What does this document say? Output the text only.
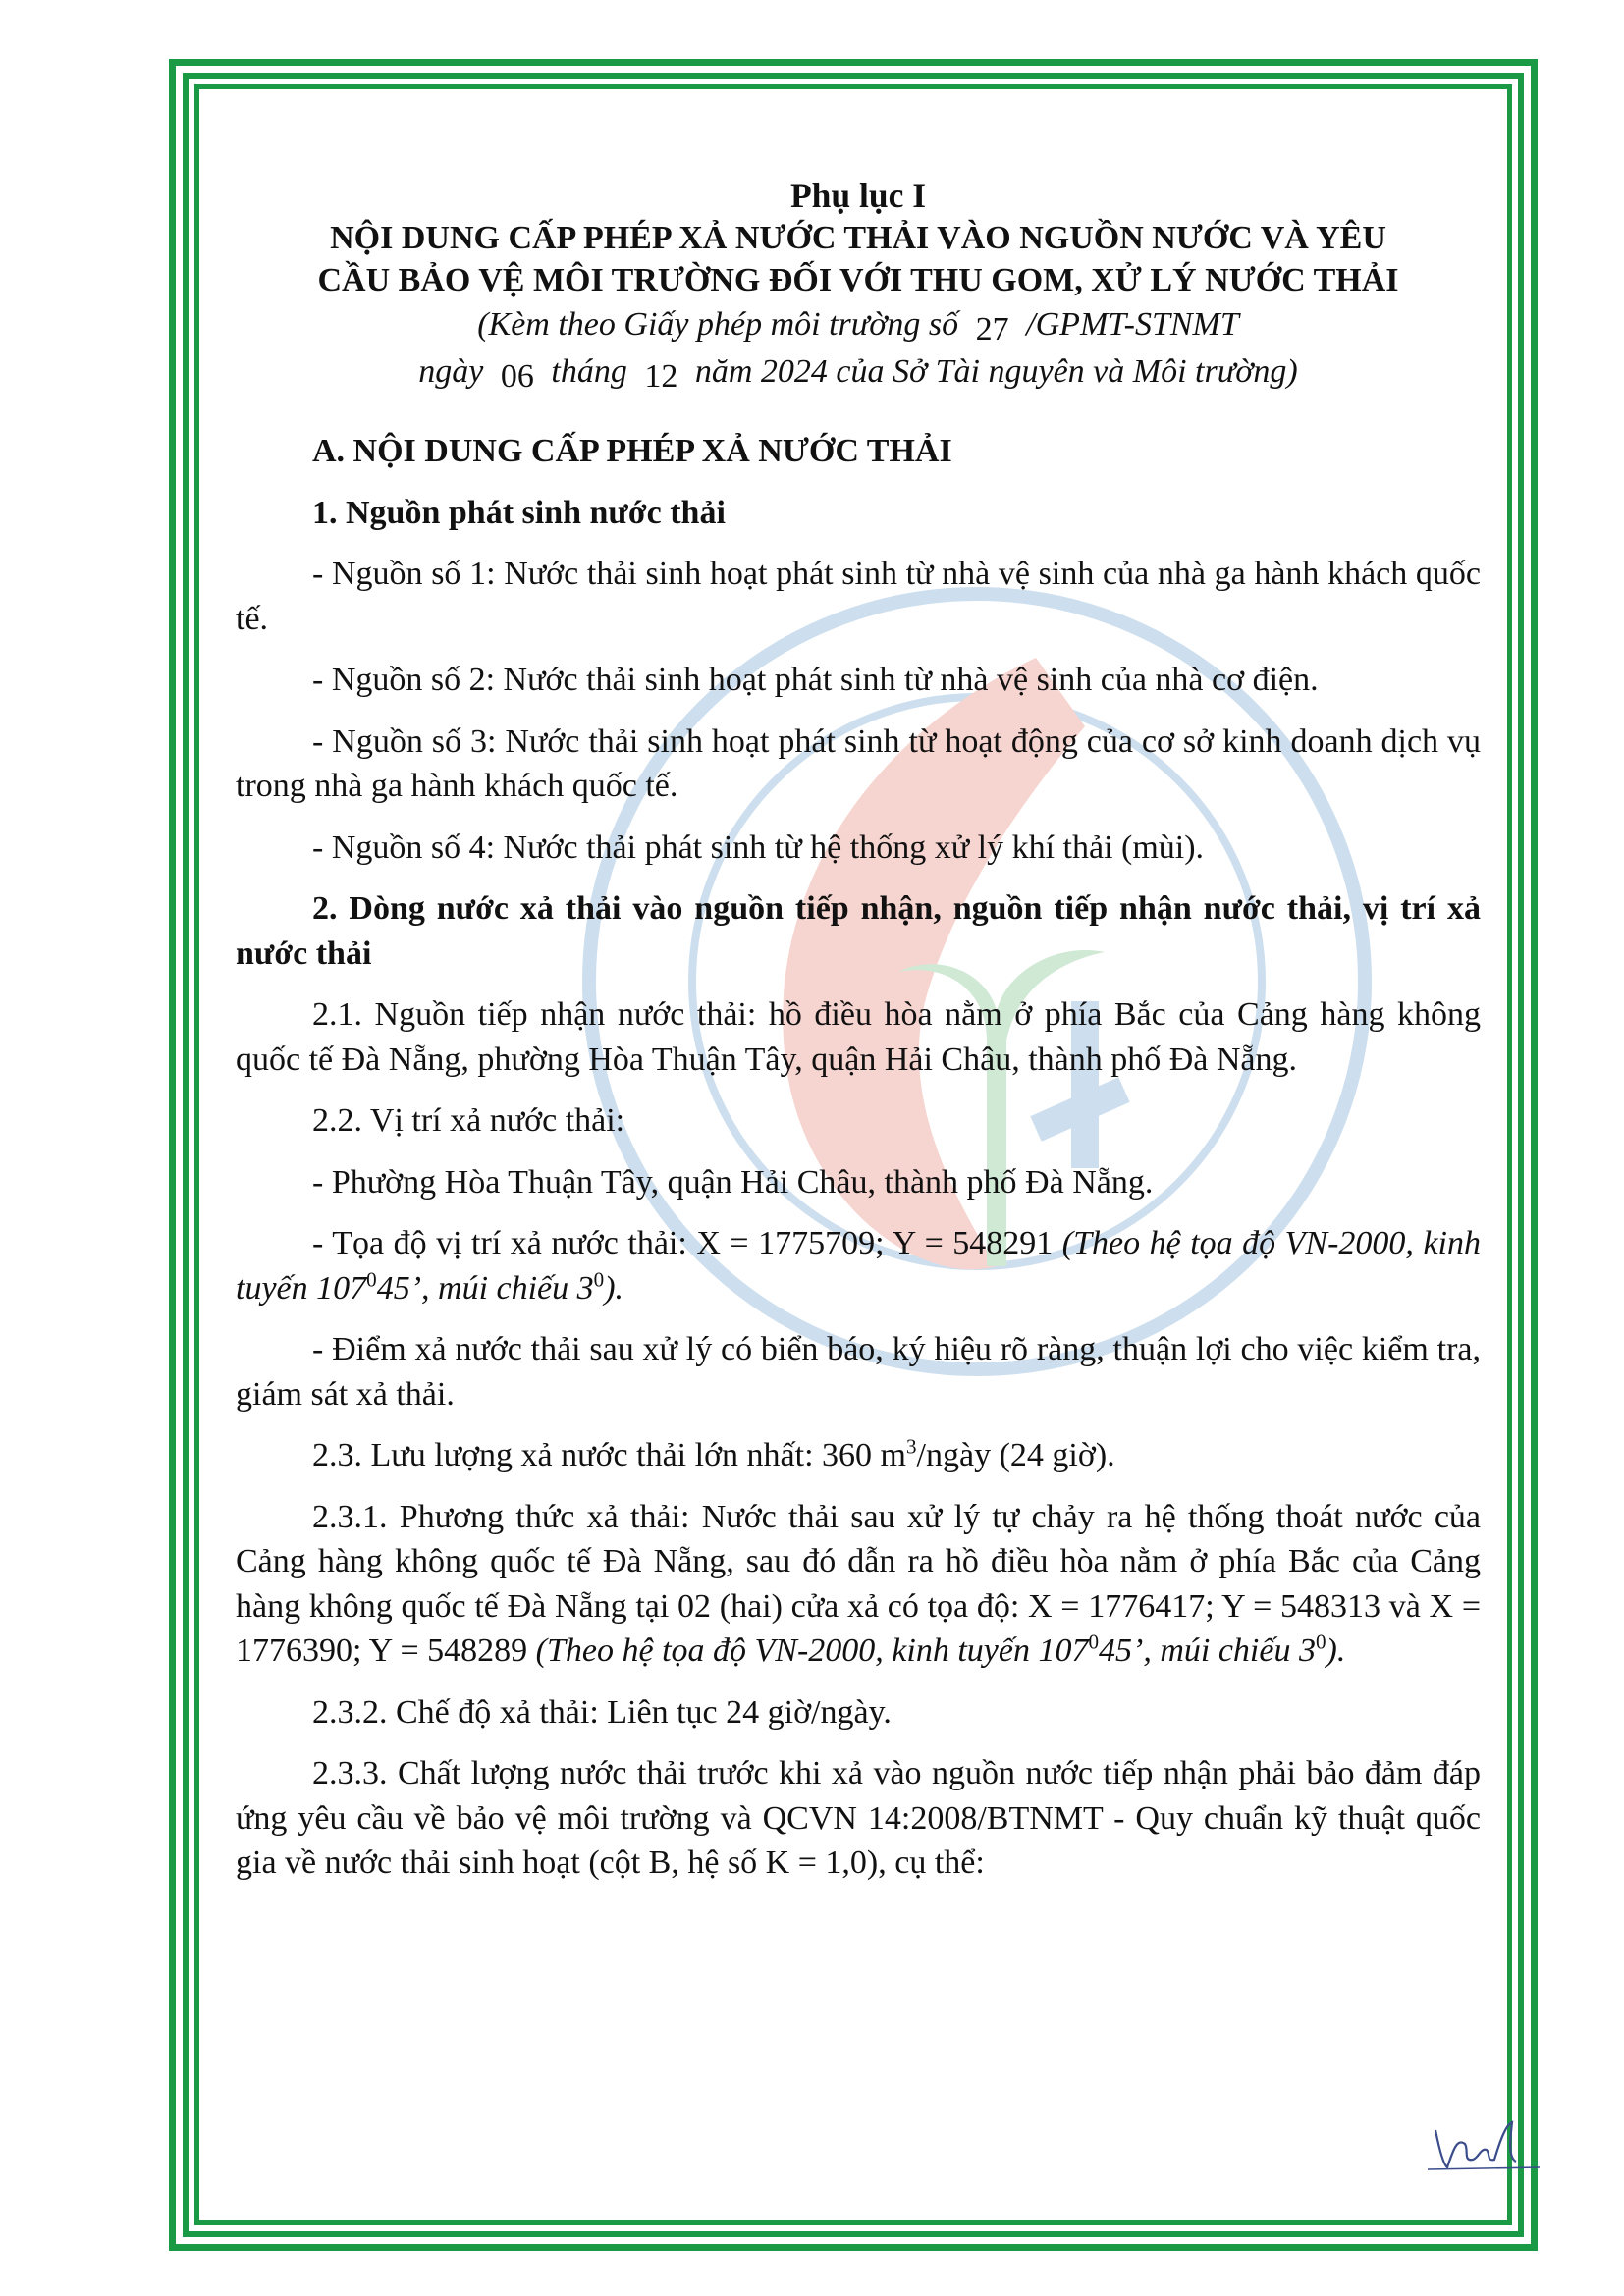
Phụ lục I
NỘI DUNG CẤP PHÉP XẢ NƯỚC THẢI VÀO NGUỒN NƯỚC VÀ YÊU
CẦU BẢO VỆ MÔI TRƯỜNG ĐỐI VỚI THU GOM, XỬ LÝ NƯỚC THẢI
(Kèm theo Giấy phép môi trường số 27 /GPMT-STNMT
ngày 06 tháng 12 năm 2024 của Sở Tài nguyên và Môi trường)

A. NỘI DUNG CẤP PHÉP XẢ NƯỚC THẢI

1. Nguồn phát sinh nước thải

- Nguồn số 1: Nước thải sinh hoạt phát sinh từ nhà vệ sinh của nhà ga hành khách quốc tế.

- Nguồn số 2: Nước thải sinh hoạt phát sinh từ nhà vệ sinh của nhà cơ điện.

- Nguồn số 3: Nước thải sinh hoạt phát sinh từ hoạt động của cơ sở kinh doanh dịch vụ trong nhà ga hành khách quốc tế.

- Nguồn số 4: Nước thải phát sinh từ hệ thống xử lý khí thải (mùi).

2. Dòng nước xả thải vào nguồn tiếp nhận, nguồn tiếp nhận nước thải, vị trí xả nước thải

2.1. Nguồn tiếp nhận nước thải: hồ điều hòa nằm ở phía Bắc của Cảng hàng không quốc tế Đà Nẵng, phường Hòa Thuận Tây, quận Hải Châu, thành phố Đà Nẵng.

2.2. Vị trí xả nước thải:

- Phường Hòa Thuận Tây, quận Hải Châu, thành phố Đà Nẵng.

- Tọa độ vị trí xả nước thải: X = 1775709; Y = 548291 (Theo hệ tọa độ VN-2000, kinh tuyến $107^045$’, múi chiếu $3^0$).

- Điểm xả nước thải sau xử lý có biển báo, ký hiệu rõ ràng, thuận lợi cho việc kiểm tra, giám sát xả thải.

2.3. Lưu lượng xả nước thải lớn nhất: 360 $m^3$/ngày (24 giờ).

2.3.1. Phương thức xả thải: Nước thải sau xử lý tự chảy ra hệ thống thoát nước của Cảng hàng không quốc tế Đà Nẵng, sau đó dẫn ra hồ điều hòa nằm ở phía Bắc của Cảng hàng không quốc tế Đà Nẵng tại 02 (hai) cửa xả có tọa độ: X = 1776417; Y = 548313 và X = 1776390; Y = 548289 (Theo hệ tọa độ VN-2000, kinh tuyến $107^045$’, múi chiếu $3^0$).

2.3.2. Chế độ xả thải: Liên tục 24 giờ/ngày.

2.3.3. Chất lượng nước thải trước khi xả vào nguồn nước tiếp nhận phải bảo đảm đáp ứng yêu cầu về bảo vệ môi trường và QCVN 14:2008/BTNMT - Quy chuẩn kỹ thuật quốc gia về nước thải sinh hoạt (cột B, hệ số K = 1,0), cụ thể:
